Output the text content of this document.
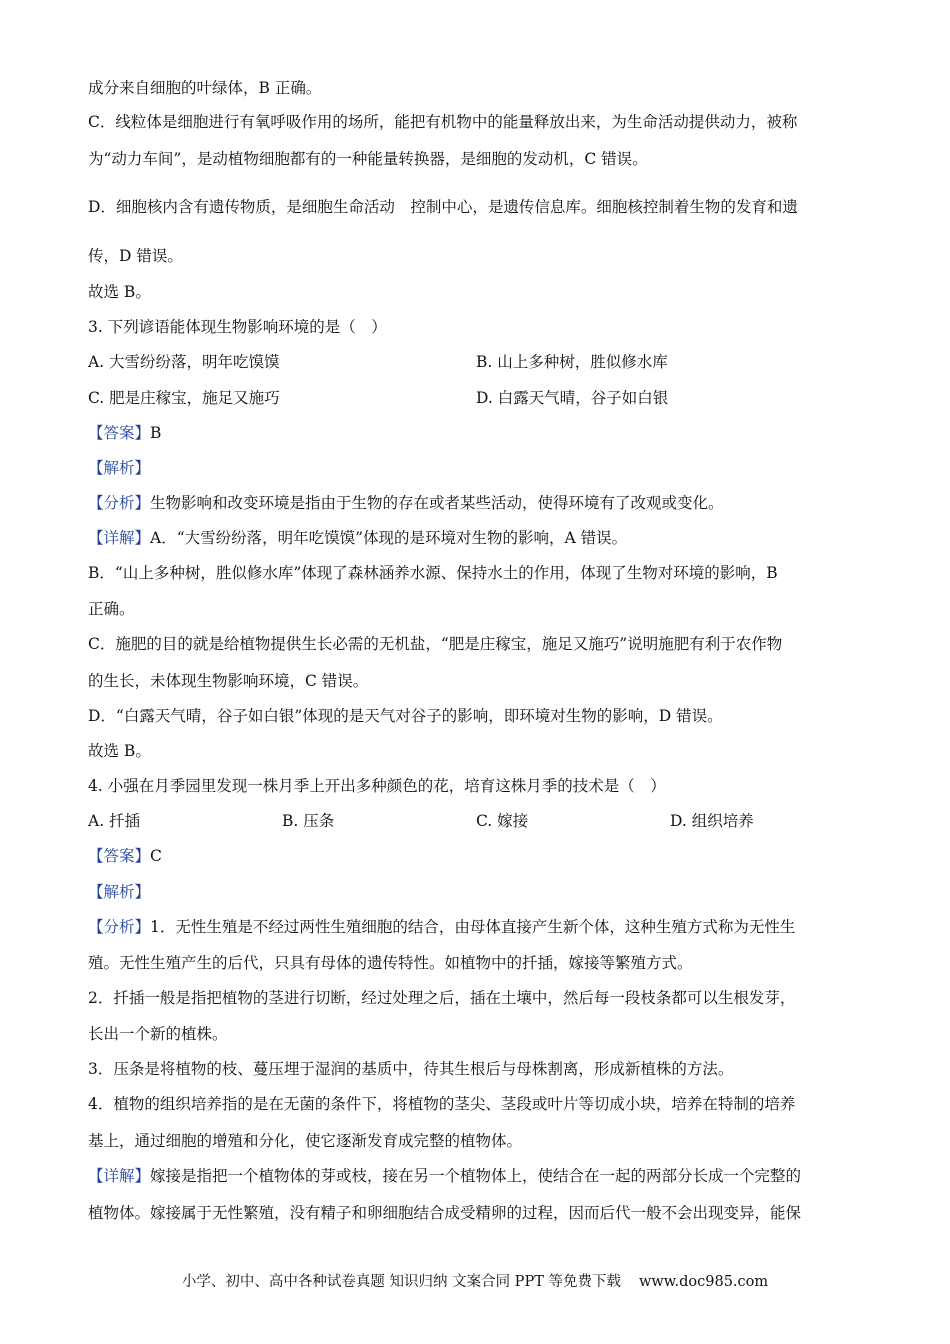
成分来自细胞的叶绿体，B 正确。
C．线粒体是细胞进行有氧呼吸作用的场所，能把有机物中的能量释放出来，为生命活动提供动力，被称
为“动力车间”，是动植物细胞都有的一种能量转换器，是细胞的发动机，C 错误。
D．细胞核内含有遗传物质，是细胞生命活动　控制中心，是遗传信息库。细胞核控制着生物的发育和遗
传，D 错误。
故选 B。
3. 下列谚语能体现生物影响环境的是（　）
A. 大雪纷纷落，明年吃馍馍	B. 山上多种树，胜似修水库
C. 肥是庄稼宝，施足又施巧	D. 白露天气晴，谷子如白银
【答案】B
【解析】
【分析】生物影响和改变环境是指由于生物的存在或者某些活动，使得环境有了改观或变化。
【详解】A．“大雪纷纷落，明年吃馍馍”体现的是环境对生物的影响，A 错误。
B．“山上多种树，胜似修水库”体现了森林涵养水源、保持水土的作用，体现了生物对环境的影响，B
正确。
C．施肥的目的就是给植物提供生长必需的无机盐，“肥是庄稼宝，施足又施巧”说明施肥有利于农作物
的生长，未体现生物影响环境，C 错误。
D．“白露天气晴，谷子如白银”体现的是天气对谷子的影响，即环境对生物的影响，D 错误。
故选 B。
4. 小强在月季园里发现一株月季上开出多种颜色的花，培育这株月季的技术是（　）
A. 扦插	B. 压条	C. 嫁接	D. 组织培养
【答案】C
【解析】
【分析】1．无性生殖是不经过两性生殖细胞的结合，由母体直接产生新个体，这种生殖方式称为无性生
殖。无性生殖产生的后代，只具有母体的遗传特性。如植物中的扦插，嫁接等繁殖方式。
2．扦插一般是指把植物的茎进行切断，经过处理之后，插在土壤中，然后每一段枝条都可以生根发芽，
长出一个新的植株。
3．压条是将植物的枝、蔓压埋于湿润的基质中，待其生根后与母株割离，形成新植株的方法。
4．植物的组织培养指的是在无菌的条件下，将植物的茎尖、茎段或叶片等切成小块，培养在特制的培养
基上，通过细胞的增殖和分化，使它逐渐发育成完整的植物体。
【详解】嫁接是指把一个植物体的芽或枝，接在另一个植物体上，使结合在一起的两部分长成一个完整的
植物体。嫁接属于无性繁殖，没有精子和卵细胞结合成受精卵的过程，因而后代一般不会出现变异，能保
小学、初中、高中各种试卷真题 知识归纳 文案合同 PPT 等免费下载 www.doc985.com
